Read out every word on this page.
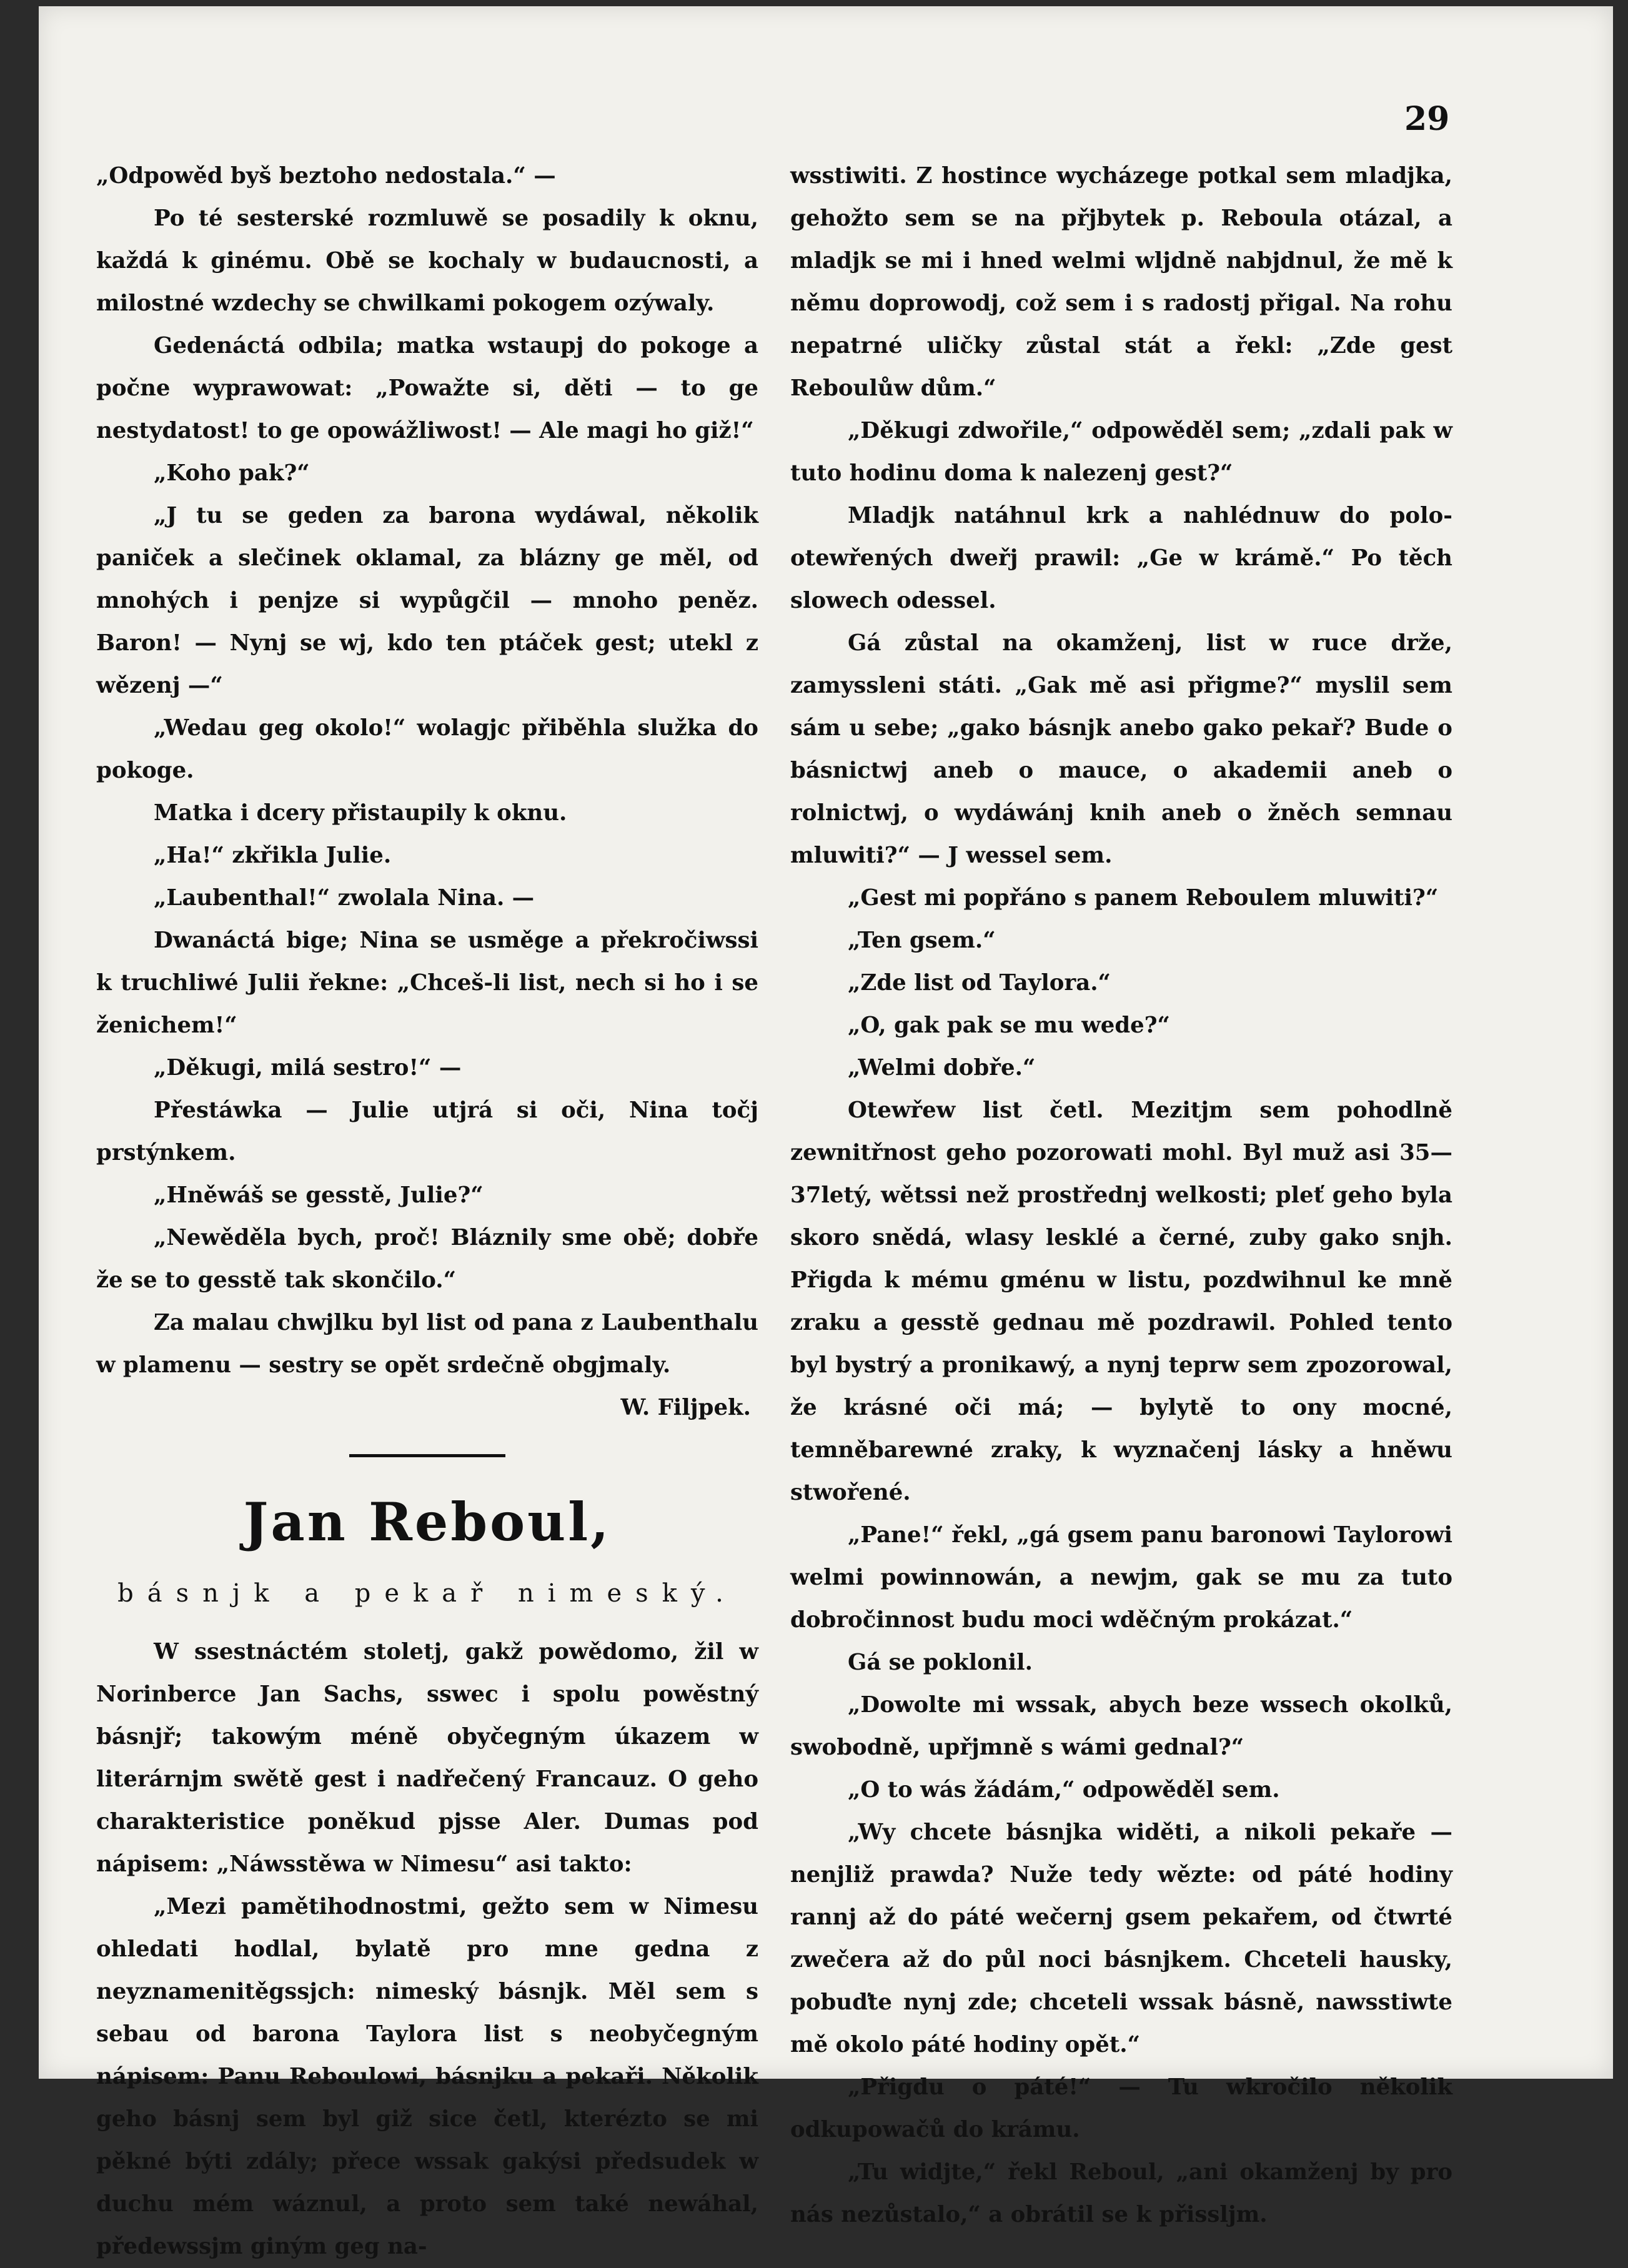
29

„Odpowěd byš beztoho nedostala.“ —

Po té sesterské rozmluwě se posadily k oknu, každá k ginému. Obě se kochaly w budaucnosti, a milostné wzdechy se chwilkami pokogem ozýwaly.

Gedenáctá odbila; matka wstaupj do pokoge a počne wyprawowat: „Powažte si, děti — to ge nestydatost! to ge opowážliwost! — Ale magi ho giž!“

„Koho pak?“

„J tu se geden za barona wydáwal, několik paniček a slečinek oklamal, za blázny ge měl, od mnohých i penjze si wypůgčil — mnoho peněz. Baron! — Nynj se wj, kdo ten ptáček gest; utekl z wězenj —“

„Wedau geg okolo!“ wolagjc přiběhla služka do pokoge.

Matka i dcery přistaupily k oknu.

„Ha!“ zkřikla Julie.

„Laubenthal!“ zwolala Nina. —

Dwanáctá bige; Nina se usměge a překročiwssi k truchliwé Julii řekne: „Chceš-li list, nech si ho i se ženichem!“

„Děkugi, milá sestro!“ —

Přestáwka — Julie utjrá si oči, Nina točj prstýnkem.

„Hněwáš se gesstě, Julie?“

„Newěděla bych, proč! Bláznily sme obě; dobře že se to gesstě tak skončilo.“

Za malau chwjlku byl list od pana z Laubenthalu w plamenu — sestry se opět srdečně obgjmaly.

W. Filjpek.

Jan Reboul,
básnjk a pekař nimeský.

W ssestnáctém stoletj, gakž powědomo, žil w Norinberce Jan Sachs, sswec i spolu powěstný básnjř; takowým méně obyčegným úkazem w literárnjm swětě gest i nadřečený Francauz. O geho charakteristice poněkud pjsse Aler. Dumas pod nápisem: „Náwsstěwa w Nimesu“ asi takto:

„Mezi pamětihodnostmi, gežto sem w Nimesu ohledati hodlal, bylatě pro mne gedna z neyznamenitěgssjch: nimeský básnjk. Měl sem s sebau od barona Taylora list s neobyčegným nápisem: Panu Reboulowi, básnjku a pekaři. Několik geho básnj sem byl giž sice četl, kterézto se mi pěkné býti zdály; přece wssak gakýsi předsudek w duchu mém wáznul, a proto sem také newáhal, předewssjm giným geg na-

wsstiwiti. Z hostince wycházege potkal sem mladjka, gehožto sem se na přjbytek p. Reboula otázal, a mladjk se mi i hned welmi wljdně nabjdnul, že mě k němu doprowodj, což sem i s radostj přigal. Na rohu nepatrné uličky zůstal stát a řekl: „Zde gest Reboulůw dům.“

„Děkugi zdwořile,“ odpowěděl sem; „zdali pak w tuto hodinu doma k nalezenj gest?“

Mladjk natáhnul krk a nahlédnuw do polo-otewřených dweřj prawil: „Ge w krámě.“ Po těch slowech odessel.

Gá zůstal na okamženj, list w ruce drže, zamyssleni státi. „Gak mě asi přigme?“ myslil sem sám u sebe; „gako básnjk anebo gako pekař? Bude o básnictwj aneb o mauce, o akademii aneb o rolnictwj, o wydáwánj knih aneb o žněch semnau mluwiti?“ — J wessel sem.

„Gest mi popřáno s panem Reboulem mluwiti?“

„Ten gsem.“

„Zde list od Taylora.“

„O, gak pak se mu wede?“

„Welmi dobře.“

Otewřew list četl. Mezitjm sem pohodlně zewnitřnost geho pozorowati mohl. Byl muž asi 35—37letý, wětssi než prostřednj welkosti; pleť geho byla skoro snědá, wlasy lesklé a černé, zuby gako snjh. Přigda k mému gménu w listu, pozdwihnul ke mně zraku a gesstě gednau mě pozdrawil. Pohled tento byl bystrý a pronikawý, a nynj teprw sem zpozorowal, že krásné oči má; — bylytě to ony mocné, temněbarewné zraky, k wyznačenj lásky a hněwu stwořené.

„Pane!“ řekl, „gá gsem panu baronowi Taylorowi welmi powinnowán, a newjm, gak se mu za tuto dobročinnost budu moci wděčným prokázat.“

Gá se poklonil.

„Dowolte mi wssak, abych beze wssech okolků, swobodně, upřjmně s wámi gednal?“

„O to wás žádám,“ odpowěděl sem.

„Wy chcete básnjka widěti, a nikoli pekaře — nenjliž prawda? Nuže tedy wězte: od páté hodiny rannj až do páté wečernj gsem pekařem, od čtwrté zwečera až do půl noci básnjkem. Chceteli hausky, pobuďte nynj zde; chceteli wssak básně, nawsstiwte mě okolo páté hodiny opět.“

„Přigdu o páté!“ — Tu wkročilo několik odkupowačů do krámu.

„Tu widjte,“ řekl Reboul, „ani okamženj by pro nás nezůstalo,“ a obrátil se k přissljm.
